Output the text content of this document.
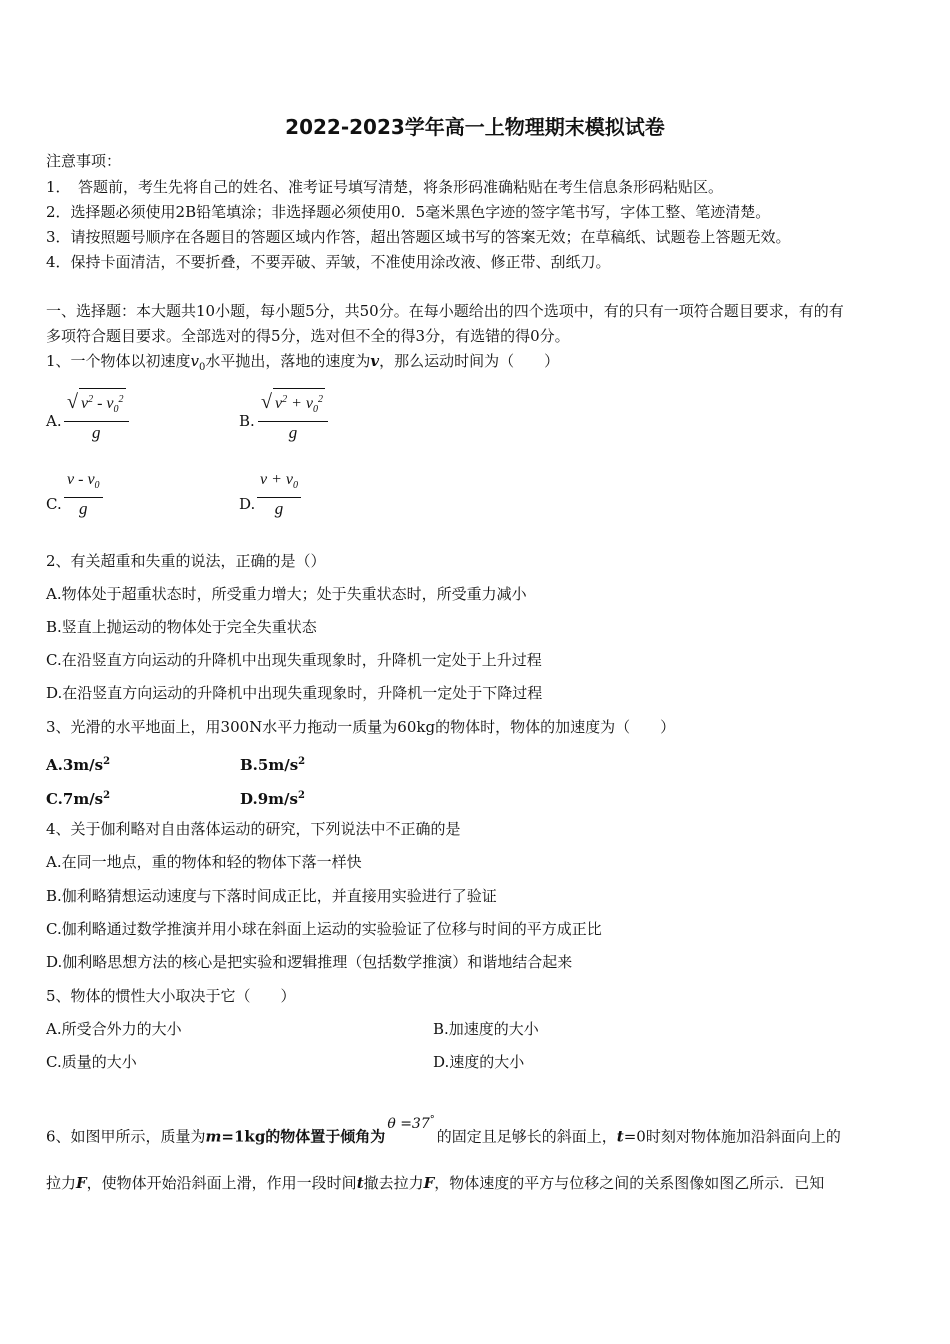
2022-2023学年高一上物理期末模拟试卷
注意事项：
1．　答题前，考生先将自己的姓名、准考证号填写清楚，将条形码准确粘贴在考生信息条形码粘贴区。
2．选择题必须使用2B铅笔填涂；非选择题必须使用0．5毫米黑色字迹的签字笔书写，字体工整、笔迹清楚。
3．请按照题号顺序在各题目的答题区域内作答，超出答题区域书写的答案无效；在草稿纸、试题卷上答题无效。
4．保持卡面清洁，不要折叠，不要弄破、弄皱，不准使用涂改液、修正带、刮纸刀。
一、选择题：本大题共10小题，每小题5分，共50分。在每小题给出的四个选项中，有的只有一项符合题目要求，有的有
多项符合题目要求。全部选对的得5分，选对但不全的得3分，有选错的得0分。
1、一个物体以初速度$v_0$水平抛出，落地的速度为v，那么运动时间为（　　）
A.
√ $v^2 - v_0^2$
g
B.
√ $v^2 + v_0^2$
g
C.
v - $v_0$
g	D.
$v + v_0$
g
2、有关超重和失重的说法，正确的是（）
A.物体处于超重状态时，所受重力增大；处于失重状态时，所受重力减小
B.竖直上抛运动的物体处于完全失重状态
C.在沿竖直方向运动的升降机中出现失重现象时，升降机一定处于上升过程
D.在沿竖直方向运动的升降机中出现失重现象时，升降机一定处于下降过程
3、光滑的水平地面上，用300N水平力拖动一质量为60kg的物体时，物体的加速度为（　　）
$A.3m/s^2$	$B.5m/s^2$
$C.7m/s^2$	$D.9m/s^2$
4、关于伽利略对自由落体运动的研究，下列说法中不正确的是
A.在同一地点，重的物体和轻的物体下落一样快
B.伽利略猜想运动速度与下落时间成正比，并直接用实验进行了验证
C.伽利略通过数学推演并用小球在斜面上运动的实验验证了位移与时间的平方成正比
D.伽利略思想方法的核心是把实验和逻辑推理（包括数学推演）和谐地结合起来
5、物体的惯性大小取决于它（　　）
A.所受合外力的大小	B.加速度的大小
C.质量的大小	D.速度的大小
6、如图甲所示，质量为m=1kg的物体置于倾角为θ =37°的固定且足够长的斜面上，t=0时刻对物体施加沿斜面向上的
拉力F，使物体开始沿斜面上滑，作用一段时间t撤去拉力F，物体速度的平方与位移之间的关系图像如图乙所示．已知
